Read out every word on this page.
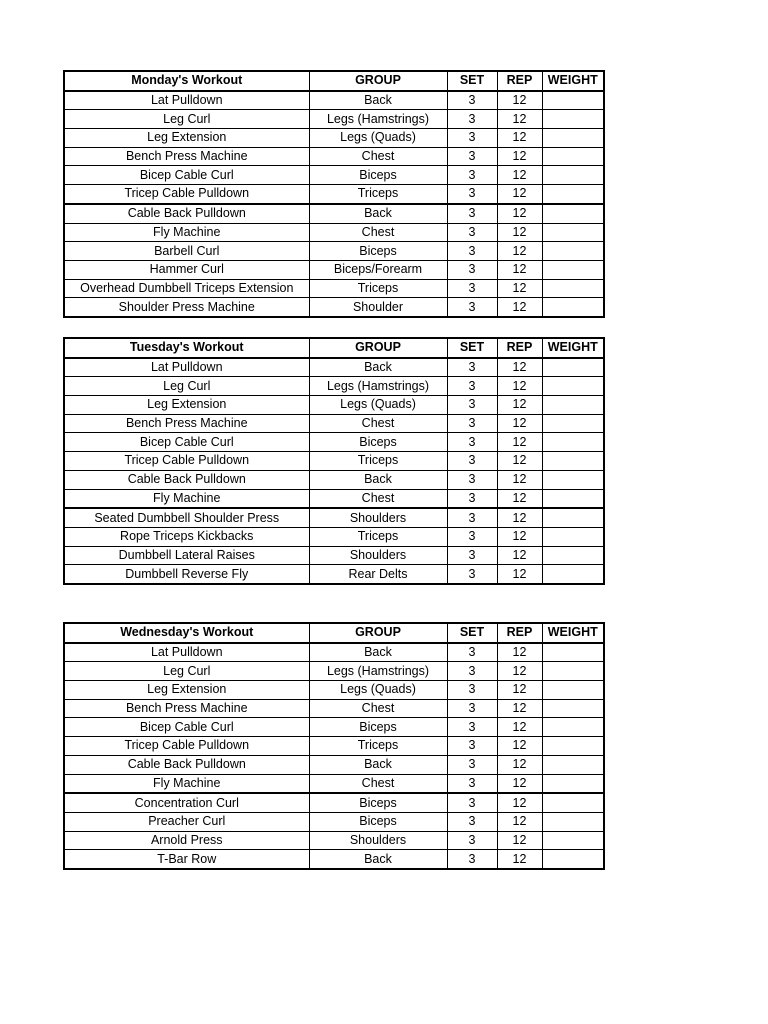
Monday's Workout	GROUP	SET	REP	WEIGHT
Lat Pulldown	Back	3	12	
Leg Curl	Legs (Hamstrings)	3	12	
Leg Extension	Legs (Quads)	3	12	
Bench Press Machine	Chest	3	12	
Bicep Cable Curl	Biceps	3	12	
Tricep Cable Pulldown	Triceps	3	12	
Cable Back Pulldown	Back	3	12	
Fly Machine	Chest	3	12	
Barbell Curl	Biceps	3	12	
Hammer Curl	Biceps/Forearm	3	12	
Overhead Dumbbell Triceps Extension	Triceps	3	12	
Shoulder Press Machine	Shoulder	3	12	
Tuesday's Workout	GROUP	SET	REP	WEIGHT
Lat Pulldown	Back	3	12	
Leg Curl	Legs (Hamstrings)	3	12	
Leg Extension	Legs (Quads)	3	12	
Bench Press Machine	Chest	3	12	
Bicep Cable Curl	Biceps	3	12	
Tricep Cable Pulldown	Triceps	3	12	
Cable Back Pulldown	Back	3	12	
Fly Machine	Chest	3	12	
Seated Dumbbell Shoulder Press	Shoulders	3	12	
Rope Triceps Kickbacks	Triceps	3	12	
Dumbbell Lateral Raises	Shoulders	3	12	
Dumbbell Reverse Fly	Rear Delts	3	12	
Wednesday's Workout	GROUP	SET	REP	WEIGHT
Lat Pulldown	Back	3	12	
Leg Curl	Legs (Hamstrings)	3	12	
Leg Extension	Legs (Quads)	3	12	
Bench Press Machine	Chest	3	12	
Bicep Cable Curl	Biceps	3	12	
Tricep Cable Pulldown	Triceps	3	12	
Cable Back Pulldown	Back	3	12	
Fly Machine	Chest	3	12	
Concentration Curl	Biceps	3	12	
Preacher Curl	Biceps	3	12	
Arnold Press	Shoulders	3	12	
T-Bar Row	Back	3	12	
